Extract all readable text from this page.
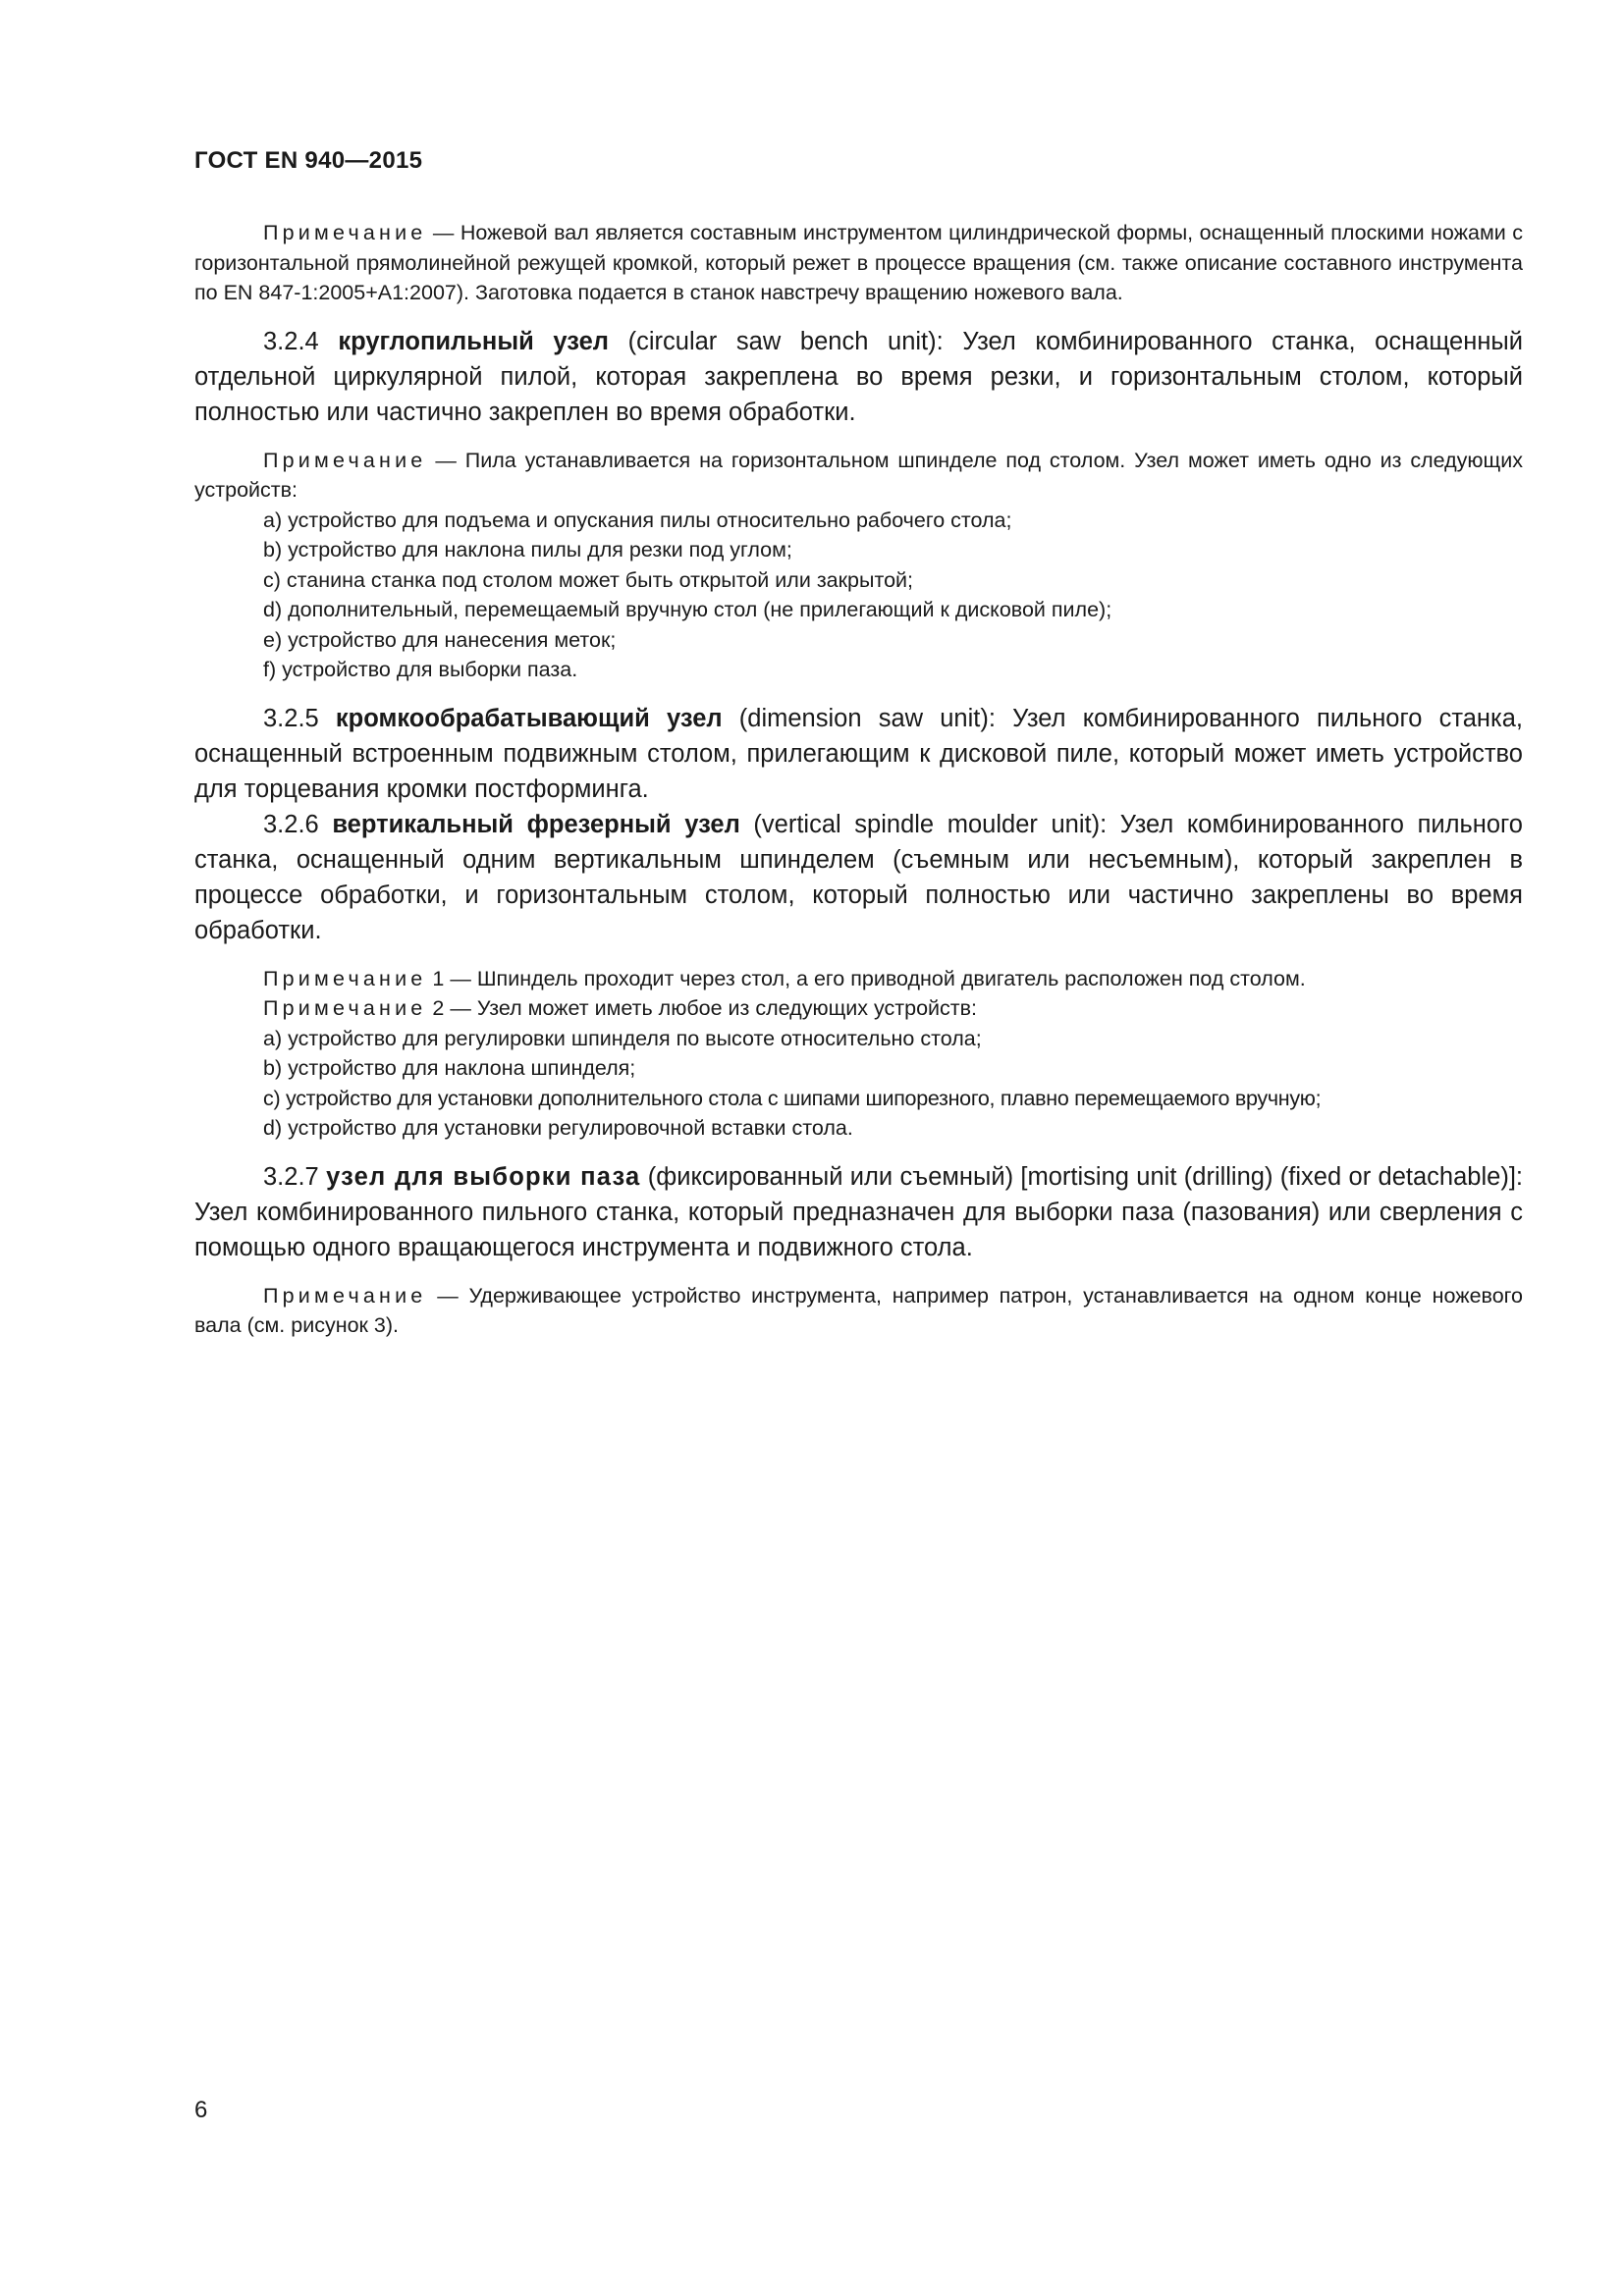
ГОСТ EN 940—2015

Примечание — Ножевой вал является составным инструментом цилиндрической формы, оснащенный плоскими ножами с горизонтальной прямолинейной режущей кромкой, который режет в процессе вращения (см. также описание составного инструмента по EN 847-1:2005+A1:2007). Заготовка подается в станок навстречу вращению ножевого вала.

3.2.4 круглопильный узел (circular saw bench unit): Узел комбинированного станка, оснащенный отдельной циркулярной пилой, которая закреплена во время резки, и горизонтальным столом, который полностью или частично закреплен во время обработки.

Примечание — Пила устанавливается на горизонтальном шпинделе под столом. Узел может иметь одно из следующих устройств:

a) устройство для подъема и опускания пилы относительно рабочего стола;
b) устройство для наклона пилы для резки под углом;
c) станина станка под столом может быть открытой или закрытой;
d) дополнительный, перемещаемый вручную стол (не прилегающий к дисковой пиле);
e) устройство для нанесения меток;
f) устройство для выборки паза.

3.2.5 кромкообрабатывающий узел (dimension saw unit): Узел комбинированного пильного станка, оснащенный встроенным подвижным столом, прилегающим к дисковой пиле, который может иметь устройство для торцевания кромки постформинга.

3.2.6 вертикальный фрезерный узел (vertical spindle moulder unit): Узел комбинированного пильного станка, оснащенный одним вертикальным шпинделем (съемным или несъемным), который закреплен в процессе обработки, и горизонтальным столом, который полностью или частично закреплены во время обработки.

Примечание 1 — Шпиндель проходит через стол, а его приводной двигатель расположен под столом.
Примечание 2 — Узел может иметь любое из следующих устройств:
a) устройство для регулировки шпинделя по высоте относительно стола;
b) устройство для наклона шпинделя;
c) устройство для установки дополнительного стола с шипами шипорезного, плавно перемещаемого вручную;
d) устройство для установки регулировочной вставки стола.

3.2.7 узел для выборки паза (фиксированный или съемный) [mortising unit (drilling) (fixed or detachable)]: Узел комбинированного пильного станка, который предназначен для выборки паза (пазования) или сверления с помощью одного вращающегося инструмента и подвижного стола.

Примечание — Удерживающее устройство инструмента, например патрон, устанавливается на одном конце ножевого вала (см. рисунок 3).

6
